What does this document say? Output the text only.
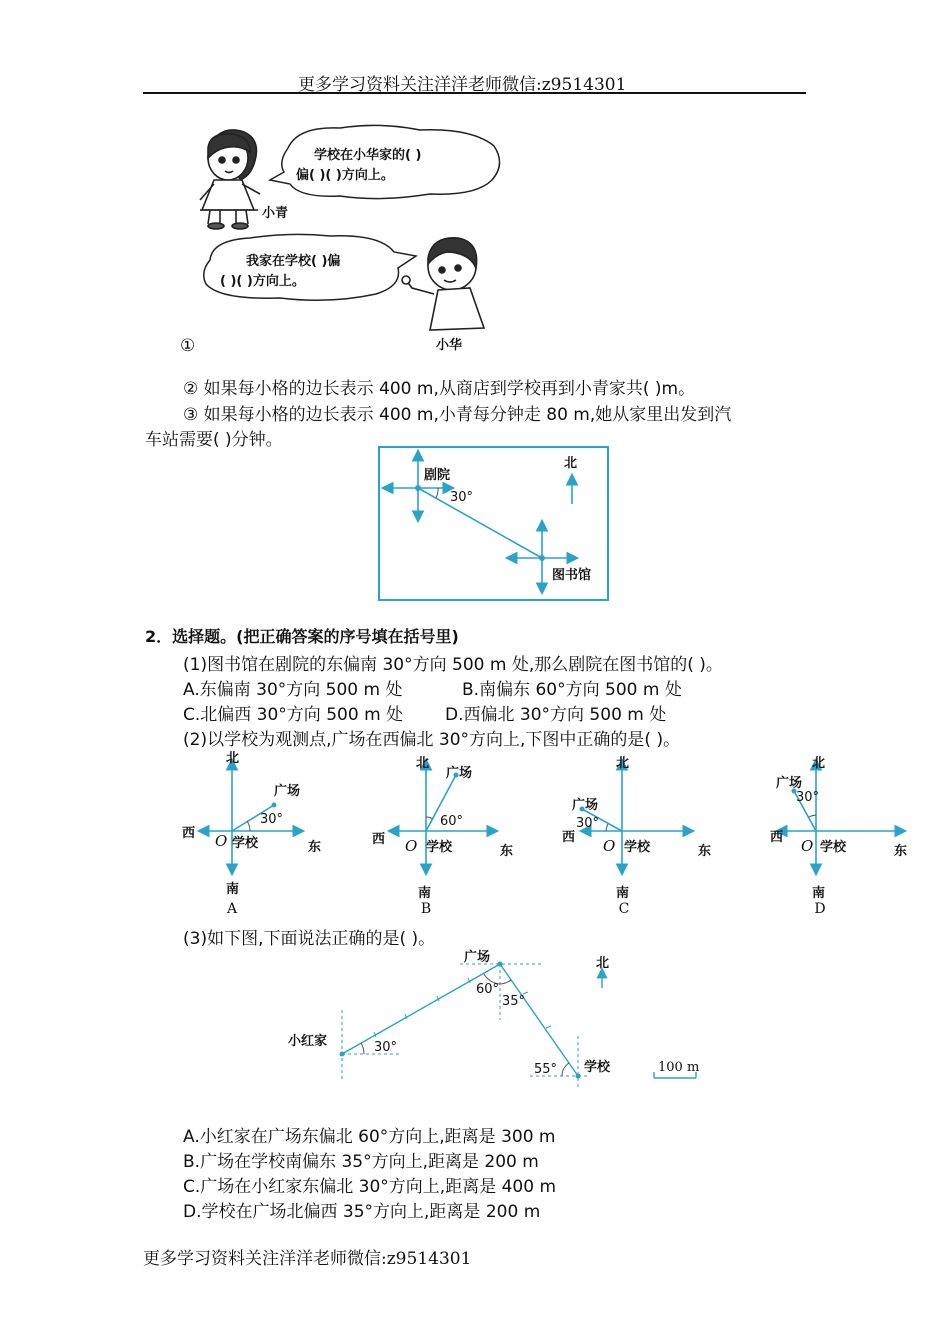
更多学习资料关注洋洋老师微信:z9514301
学校在小华家的( )
偏( )( )方向上。
小青
我家在学校( )偏
( )( )方向上。
小华
①
② 如果每小格的边长表示 400 m,从商店到学校再到小青家共( )m。
③ 如果每小格的边长表示 400 m,小青每分钟走 80 m,她从家里出发到汽
车站需要( )分钟。
剧院
30°
北
图书馆
2．选择题。(把正确答案的序号填在括号里)
(1)图书馆在剧院的东偏南 30°方向 500 m 处,那么剧院在图书馆的( )。
A.东偏南 30°方向 500 m 处	B.南偏东 60°方向 500 m 处
C.北偏西 30°方向 500 m 处 D.西偏北 30°方向 500 m 处
(2)以学校为观测点,广场在西偏北 30°方向上,下图中正确的是( )。
北
广场
30°
西 O 学校	东
南
A
北
广场
60°
西 O 学校	东
南
B
北
广场
30°
西 O 学校	东
南
C
北
广场
30°
西 O 学校	东
南
D
(3)如下图,下面说法正确的是( )。
广场	北
60°
35°
小红家	30°
55° 学校	100 m
A.小红家在广场东偏北 60°方向上,距离是 300 m
B.广场在学校南偏东 35°方向上,距离是 200 m
C.广场在小红家东偏北 30°方向上,距离是 400 m
D.学校在广场北偏西 35°方向上,距离是 200 m
更多学习资料关注洋洋老师微信:z9514301
